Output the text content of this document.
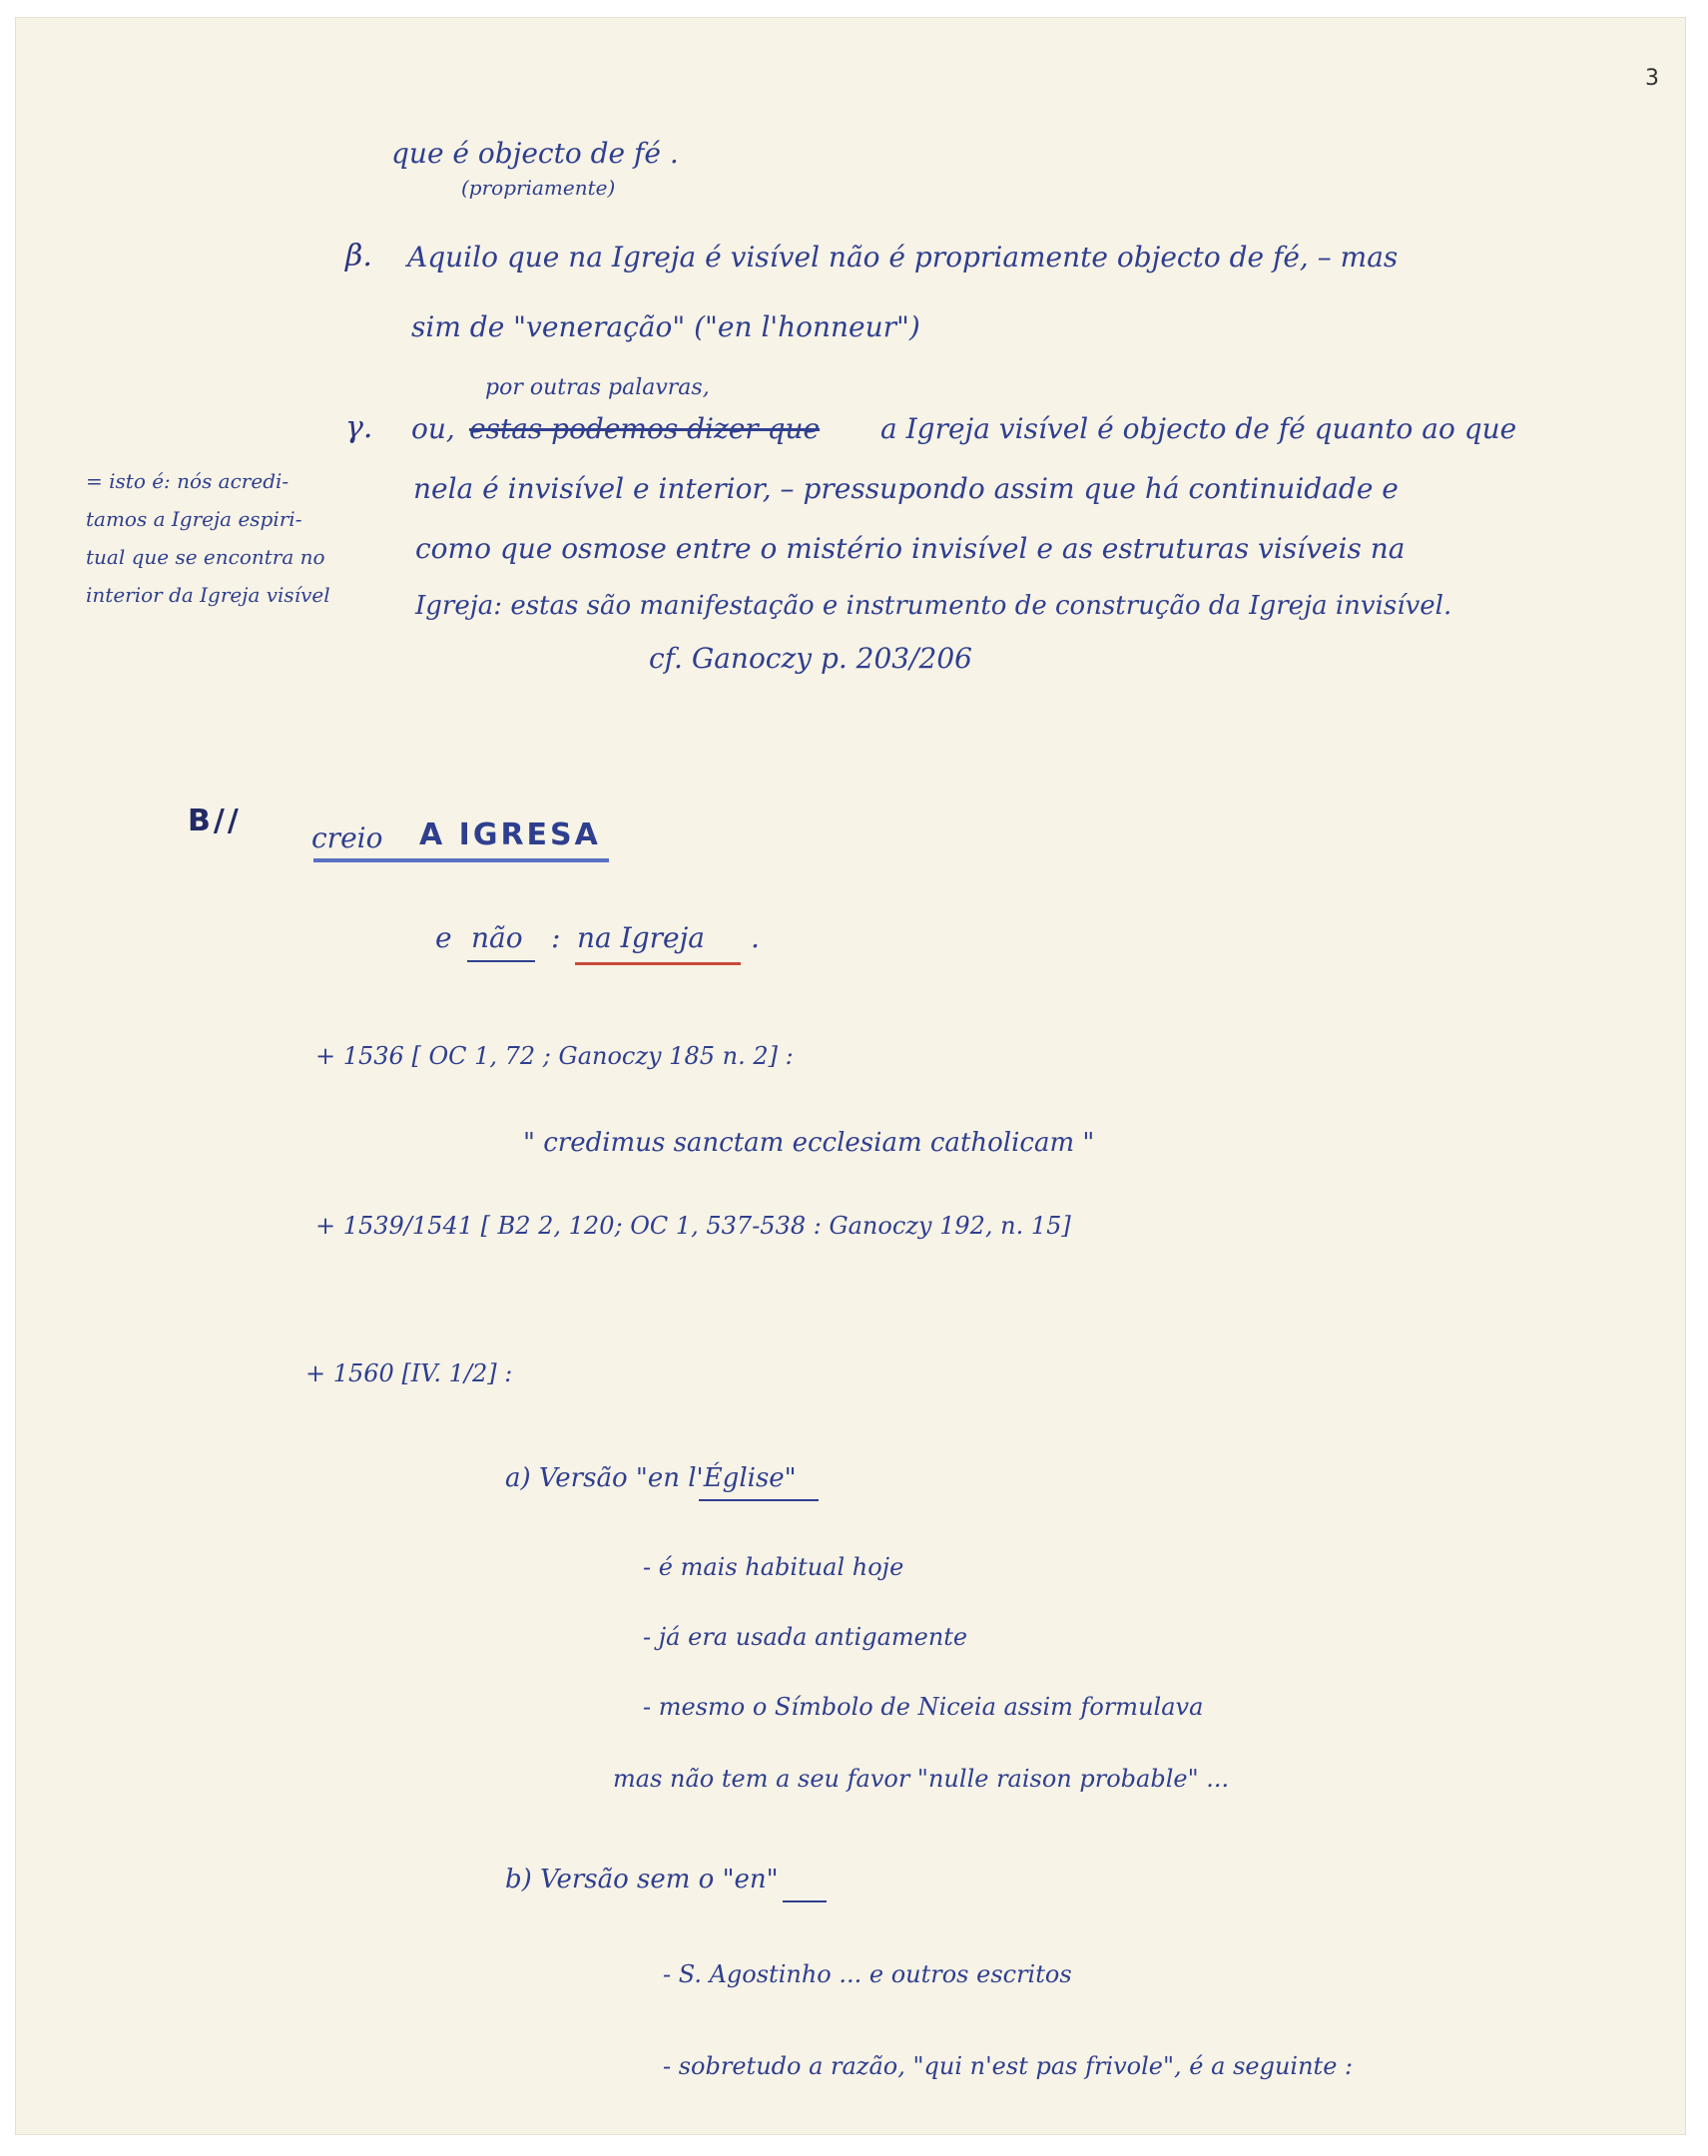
3
que é objecto de fé .
(propriamente)
β. Aquilo que na Igreja é visível não é propriamente objecto de fé, – mas
sim de "veneração" ("en l'honneur")
por outras palavras,
γ. ou, estas podemos dizer que a Igreja visível é objecto de fé quanto ao que
nela é invisível e interior, – pressupondo assim que há continuidade e
como que osmose entre o mistério invisível e as estruturas visíveis na
Igreja: estas são manifestação e instrumento de construção da Igreja invisível.
cf. Ganoczy p. 203/206
= isto é: nós acredi-
tamos a Igreja espiri-
tual que se encontra no
interior da Igreja visível
B//	creio A IGRESA
e não : na Igreja .
+ 1536 [ OC 1, 72 ; Ganoczy 185 n. 2] :
" credimus sanctam ecclesiam catholicam "
+ 1539/1541 [ B2 2, 120; OC 1, 537-538 : Ganoczy 192, n. 15]
+ 1560 [IV. 1/2] :
a) Versão "en l'Église"
- é mais habitual hoje
- já era usada antigamente
- mesmo o Símbolo de Niceia assim formulava
mas não tem a seu favor "nulle raison probable" ...
b) Versão sem o "en"
- S. Agostinho ... e outros escritos
- sobretudo a razão, "qui n'est pas frivole", é a seguinte :
